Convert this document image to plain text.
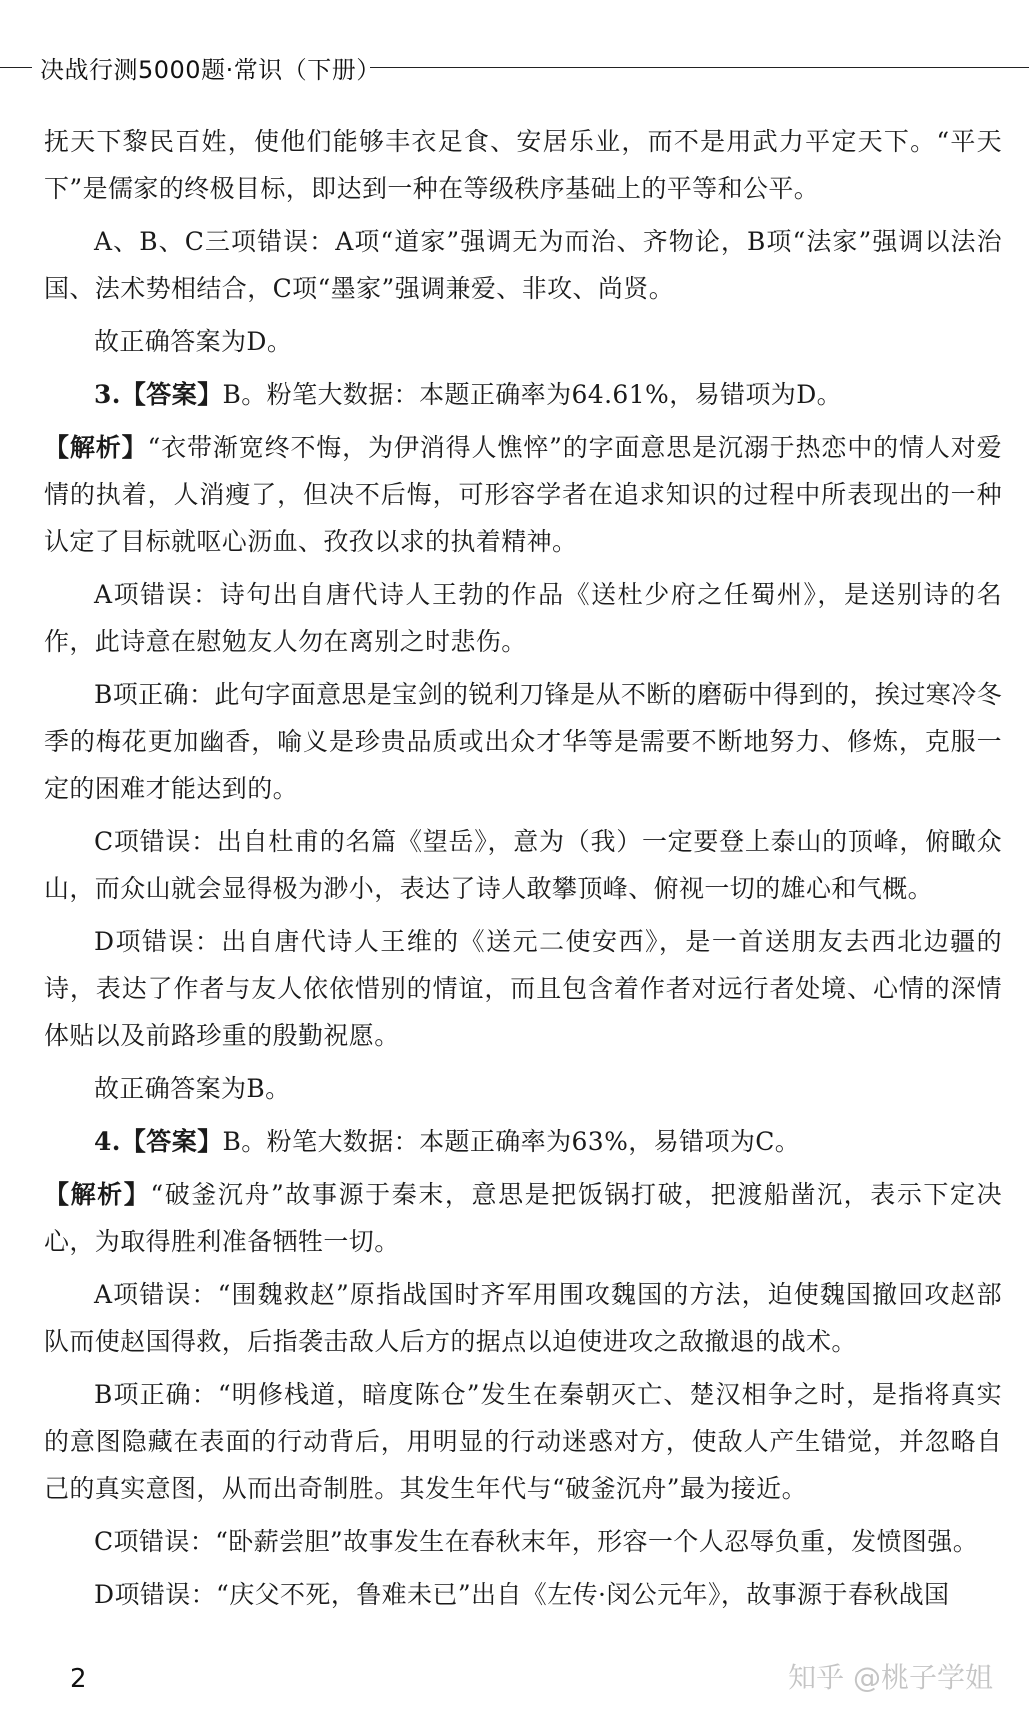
决战行测5000题·常识（下册）

抚天下黎民百姓，使他们能够丰衣足食、安居乐业，而不是用武力平定天下。“平天下”是儒家的终极目标，即达到一种在等级秩序基础上的平等和公平。

A、B、C三项错误：A项“道家”强调无为而治、齐物论，B项“法家”强调以法治国、法术势相结合，C项“墨家”强调兼爱、非攻、尚贤。

故正确答案为D。

3.【答案】B。粉笔大数据：本题正确率为64.61%，易错项为D。

【解析】“衣带渐宽终不悔，为伊消得人憔悴”的字面意思是沉溺于热恋中的情人对爱情的执着，人消瘦了，但决不后悔，可形容学者在追求知识的过程中所表现出的一种认定了目标就呕心沥血、孜孜以求的执着精神。

A项错误：诗句出自唐代诗人王勃的作品《送杜少府之任蜀州》，是送别诗的名作，此诗意在慰勉友人勿在离别之时悲伤。

B项正确：此句字面意思是宝剑的锐利刀锋是从不断的磨砺中得到的，挨过寒冷冬季的梅花更加幽香，喻义是珍贵品质或出众才华等是需要不断地努力、修炼，克服一定的困难才能达到的。

C项错误：出自杜甫的名篇《望岳》，意为（我）一定要登上泰山的顶峰，俯瞰众山，而众山就会显得极为渺小，表达了诗人敢攀顶峰、俯视一切的雄心和气概。

D项错误：出自唐代诗人王维的《送元二使安西》，是一首送朋友去西北边疆的诗，表达了作者与友人依依惜别的情谊，而且包含着作者对远行者处境、心情的深情体贴以及前路珍重的殷勤祝愿。

故正确答案为B。

4.【答案】B。粉笔大数据：本题正确率为63%，易错项为C。

【解析】“破釜沉舟”故事源于秦末，意思是把饭锅打破，把渡船凿沉，表示下定决心，为取得胜利准备牺牲一切。

A项错误：“围魏救赵”原指战国时齐军用围攻魏国的方法，迫使魏国撤回攻赵部队而使赵国得救，后指袭击敌人后方的据点以迫使进攻之敌撤退的战术。

B项正确：“明修栈道，暗度陈仓”发生在秦朝灭亡、楚汉相争之时，是指将真实的意图隐藏在表面的行动背后，用明显的行动迷惑对方，使敌人产生错觉，并忽略自己的真实意图，从而出奇制胜。其发生年代与“破釜沉舟”最为接近。

C项错误：“卧薪尝胆”故事发生在春秋末年，形容一个人忍辱负重，发愤图强。

D项错误：“庆父不死，鲁难未已”出自《左传·闵公元年》，故事源于春秋战国

2	知乎 @桃子学姐
